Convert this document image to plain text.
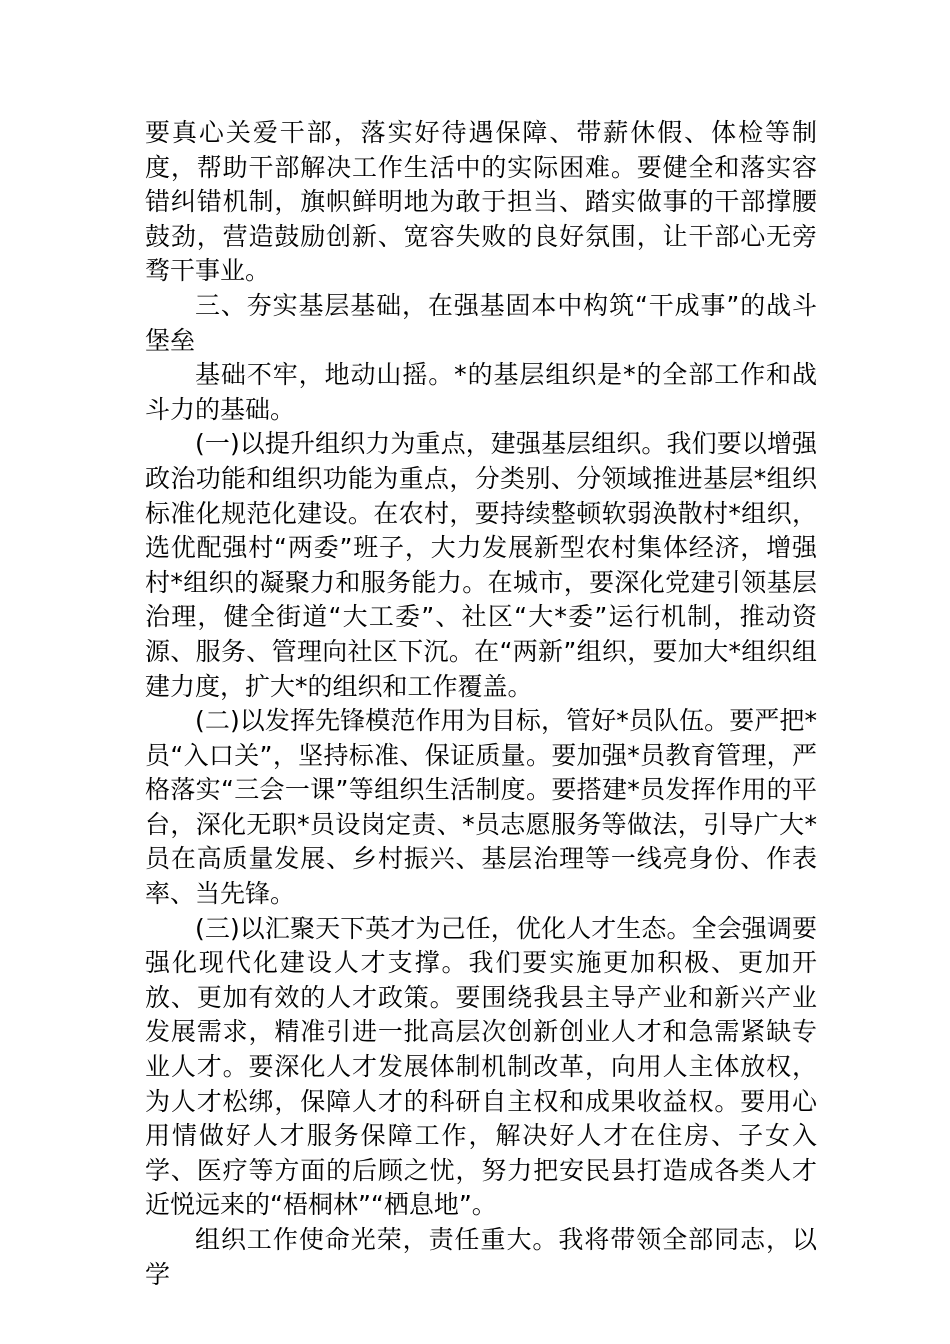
要真心关爱干部，落实好待遇保障、带薪休假、体检等制度，帮助干部解决工作生活中的实际困难。要健全和落实容错纠错机制，旗帜鲜明地为敢于担当、踏实做事的干部撑腰鼓劲，营造鼓励创新、宽容失败的良好氛围，让干部心无旁骛干事业。

三、夯实基层基础，在强基固本中构筑“干成事”的战斗堡垒

基础不牢，地动山摇。*的基层组织是*的全部工作和战斗力的基础。

(一)以提升组织力为重点，建强基层组织。我们要以增强政治功能和组织功能为重点，分类别、分领域推进基层*组织标准化规范化建设。在农村，要持续整顿软弱涣散村*组织，选优配强村“两委”班子，大力发展新型农村集体经济，增强村*组织的凝聚力和服务能力。在城市，要深化党建引领基层治理，健全街道“大工委”、社区“大*委”运行机制，推动资源、服务、管理向社区下沉。在“两新”组织，要加大*组织组建力度，扩大*的组织和工作覆盖。

(二)以发挥先锋模范作用为目标，管好*员队伍。要严把*员“入口关”，坚持标准、保证质量。要加强*员教育管理，严格落实“三会一课”等组织生活制度。要搭建*员发挥作用的平台，深化无职*员设岗定责、*员志愿服务等做法，引导广大*员在高质量发展、乡村振兴、基层治理等一线亮身份、作表率、当先锋。

(三)以汇聚天下英才为己任，优化人才生态。全会强调要强化现代化建设人才支撑。我们要实施更加积极、更加开放、更加有效的人才政策。要围绕我县主导产业和新兴产业发展需求，精准引进一批高层次创新创业人才和急需紧缺专业人才。要深化人才发展体制机制改革，向用人主体放权，为人才松绑，保障人才的科研自主权和成果收益权。要用心用情做好人才服务保障工作，解决好人才在住房、子女入学、医疗等方面的后顾之忧，努力把安民县打造成各类人才近悦远来的“梧桐林”“栖息地”。

组织工作使命光荣，责任重大。我将带领全部同志，以学
